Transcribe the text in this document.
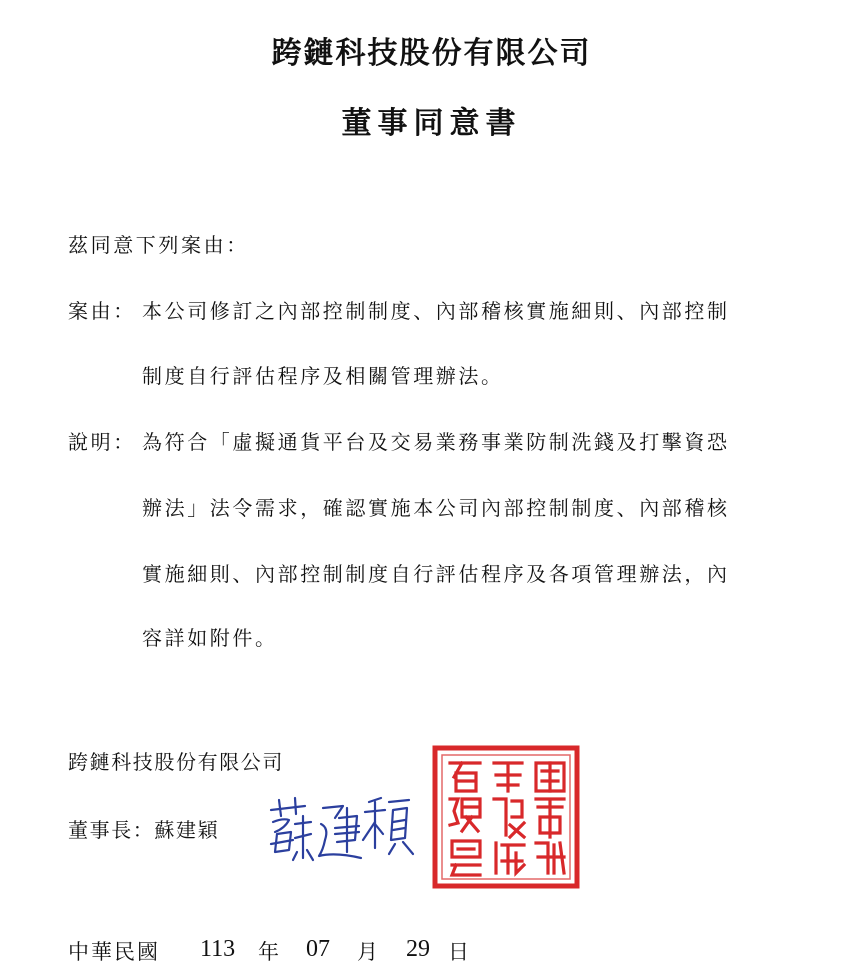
跨鏈科技股份有限公司
董事同意書
茲同意下列案由：
案由： 本公司修訂之內部控制制度、內部稽核實施細則、內部控制
制度自行評估程序及相關管理辦法。
說明： 為符合「虛擬通貨平台及交易業務事業防制洗錢及打擊資恐
辦法」法令需求，確認實施本公司內部控制制度、內部稽核
實施細則、內部控制制度自行評估程序及各項管理辦法，內
容詳如附件。
跨鏈科技股份有限公司
董事長：蘇建穎
中華民國 113 年 07 月 29 日
